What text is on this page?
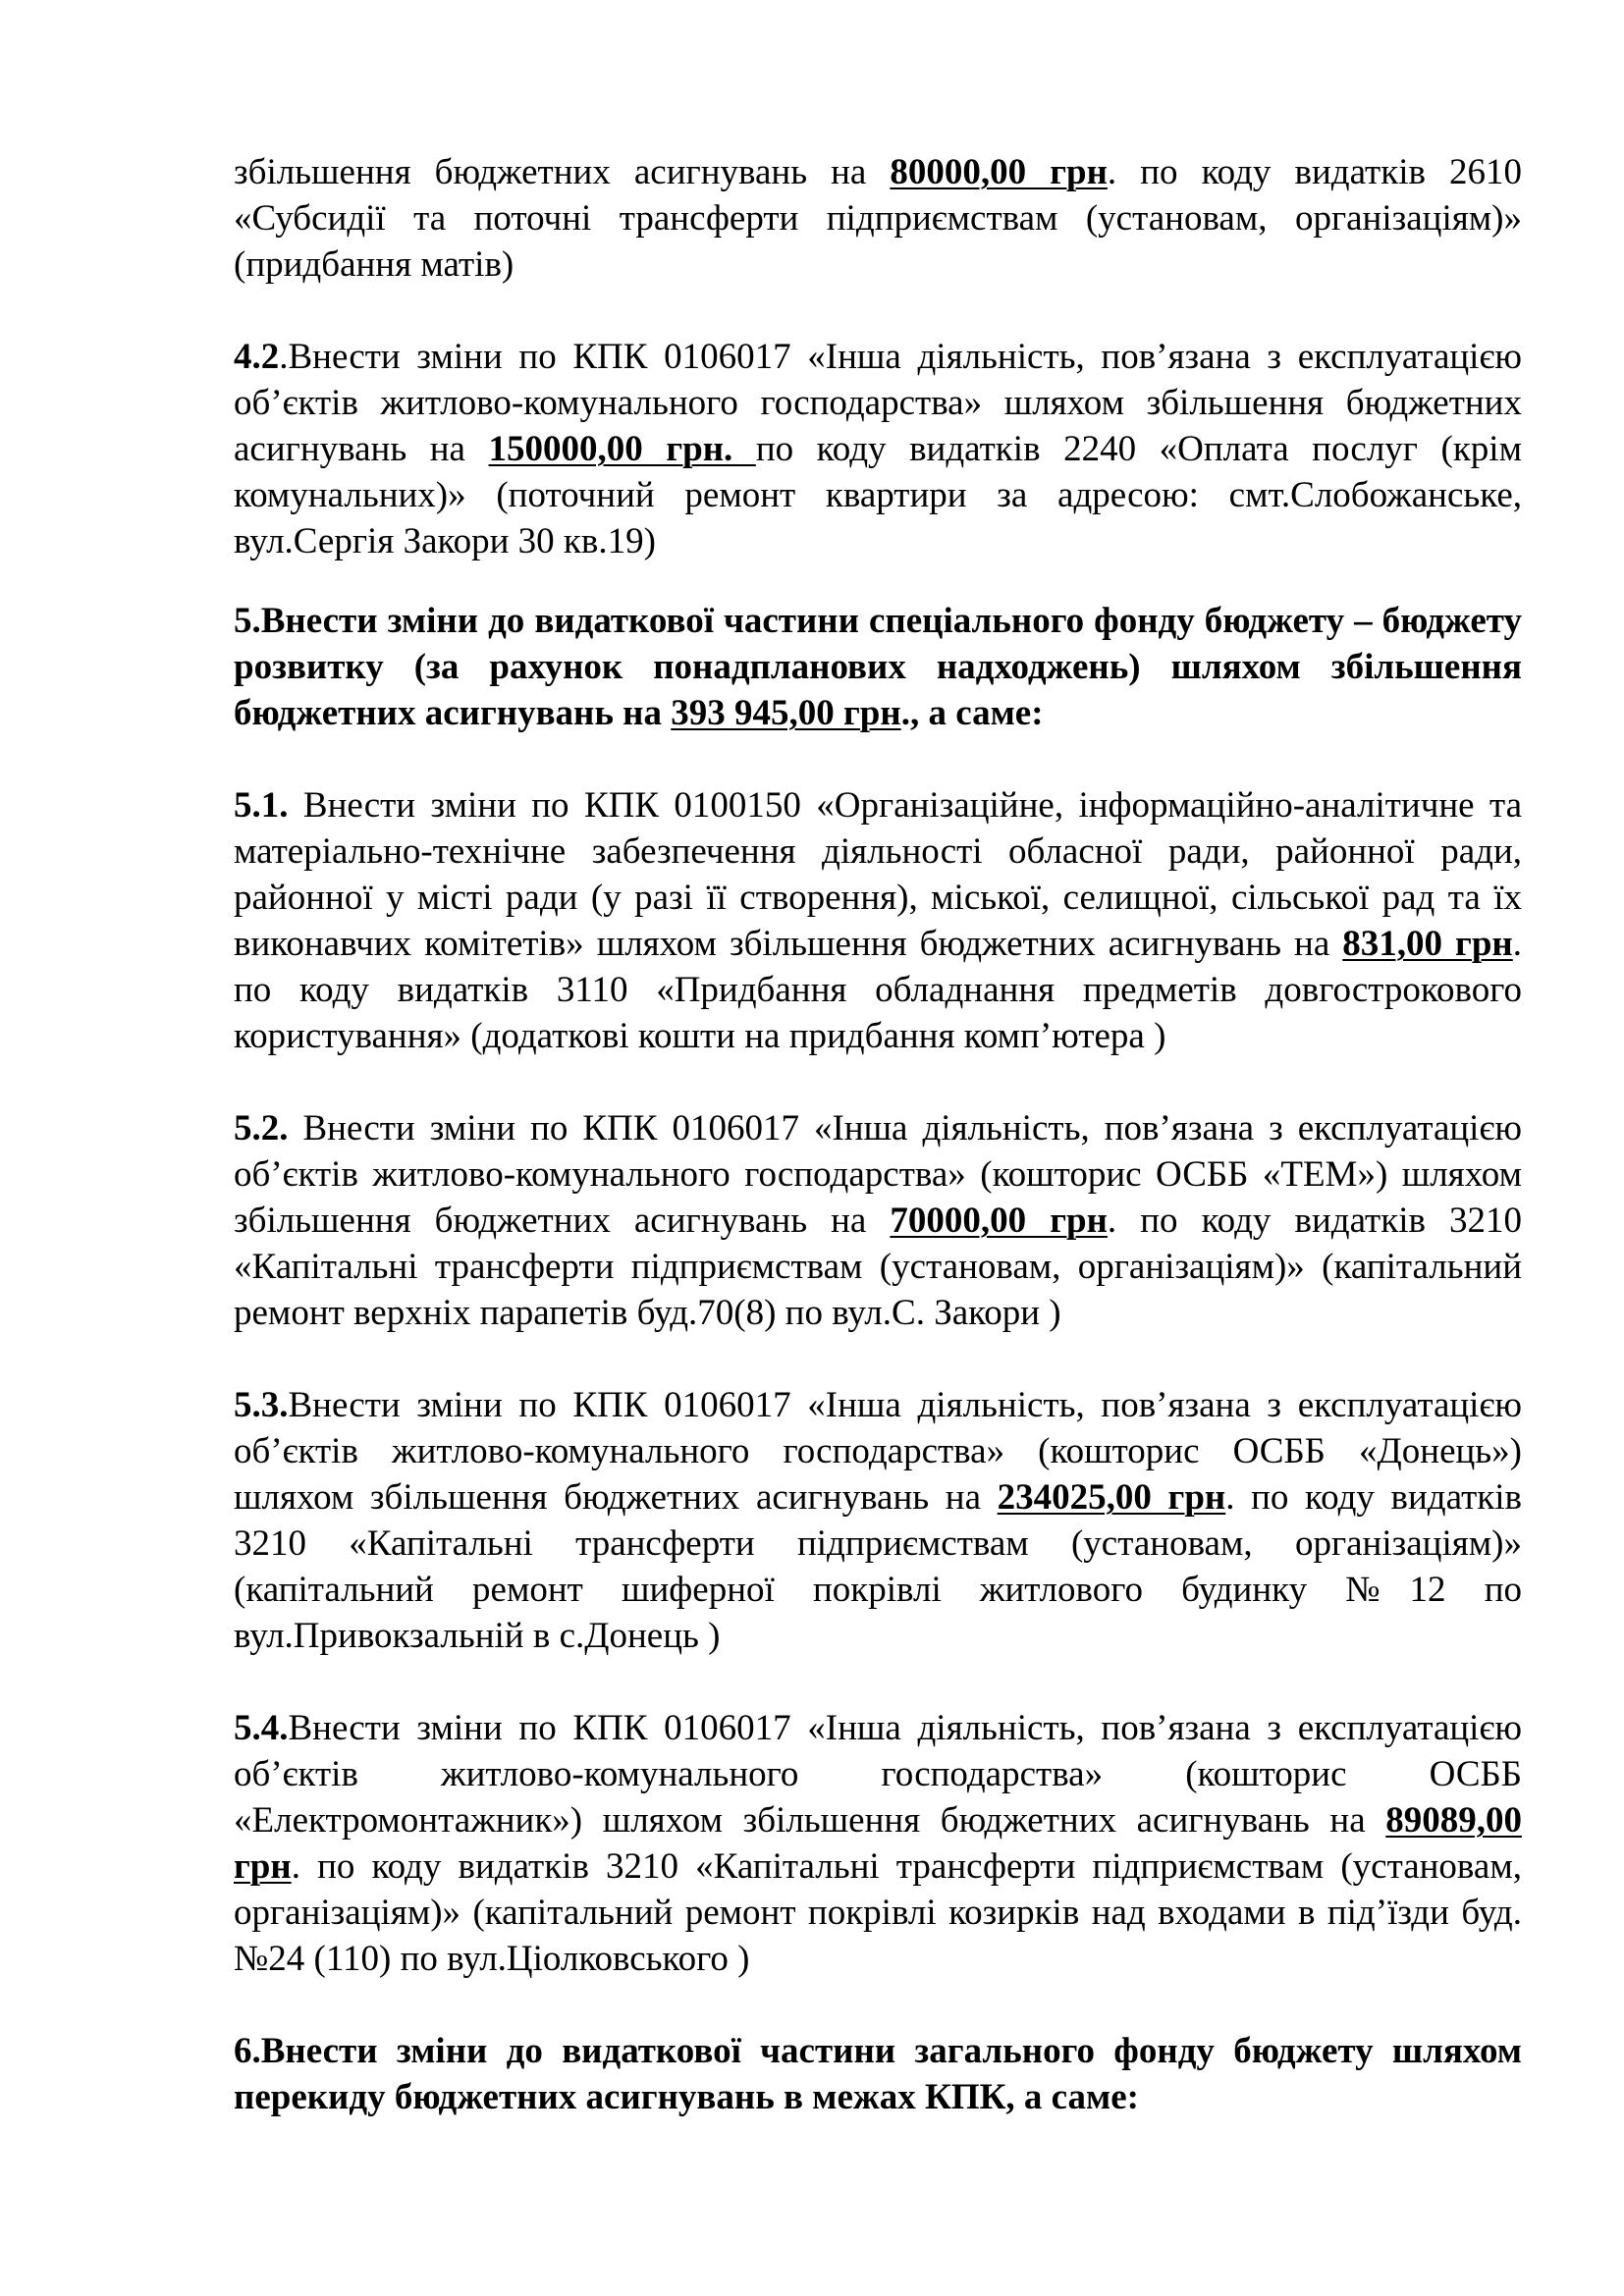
збільшення бюджетних асигнувань на 80000,00 грн. по коду видатків 2610 «Субсидії та поточні трансферти підприємствам (установам, організаціям)» (придбання матів)

4.2.Внести зміни по КПК 0106017 «Інша діяльність, пов’язана з експлуатацією об’єктів житлово-комунального господарства» шляхом збільшення бюджетних асигнувань на 150000,00 грн. по коду видатків 2240 «Оплата послуг (крім комунальних)» (поточний ремонт квартири за адресою: смт.Слобожанське, вул.Сергія Закори 30 кв.19)

5.Внести зміни до видаткової частини спеціального фонду бюджету – бюджету розвитку (за рахунок понадпланових надходжень) шляхом збільшення бюджетних асигнувань на 393 945,00 грн., а саме:

5.1. Внести зміни по КПК 0100150 «Організаційне, інформаційно-аналітичне та матеріально-технічне забезпечення діяльності обласної ради, районної ради, районної у місті ради (у разі її створення), міської, селищної, сільської рад та їх виконавчих комітетів» шляхом збільшення бюджетних асигнувань на 831,00 грн. по коду видатків 3110 «Придбання обладнання предметів довгострокового користування» (додаткові кошти на придбання комп’ютера )

5.2. Внести зміни по КПК 0106017 «Інша діяльність, пов’язана з експлуатацією об’єктів житлово-комунального господарства» (кошторис ОСББ «ТЕМ») шляхом збільшення бюджетних асигнувань на 70000,00 грн. по коду видатків 3210 «Капітальні трансферти підприємствам (установам, організаціям)» (капітальний ремонт верхніх парапетів буд.70(8) по вул.С. Закори )

5.3.Внести зміни по КПК 0106017 «Інша діяльність, пов’язана з експлуатацією об’єктів житлово-комунального господарства» (кошторис ОСББ «Донець») шляхом збільшення бюджетних асигнувань на 234025,00 грн. по коду видатків 3210 «Капітальні трансферти підприємствам (установам, організаціям)» (капітальний ремонт шиферної покрівлі житлового будинку №12 по вул.Привокзальній в с.Донець )

5.4.Внести зміни по КПК 0106017 «Інша діяльність, пов’язана з експлуатацією об’єктів житлово-комунального господарства» (кошторис ОСББ «Електромонтажник») шляхом збільшення бюджетних асигнувань на 89089,00 грн. по коду видатків 3210 «Капітальні трансферти підприємствам (установам, організаціям)» (капітальний ремонт покрівлі козирків над входами в під’їзди буд.№24 (110) по вул.Ціолковського )

6.Внести зміни до видаткової частини загального фонду бюджету шляхом перекиду бюджетних асигнувань в межах КПК, а саме:
